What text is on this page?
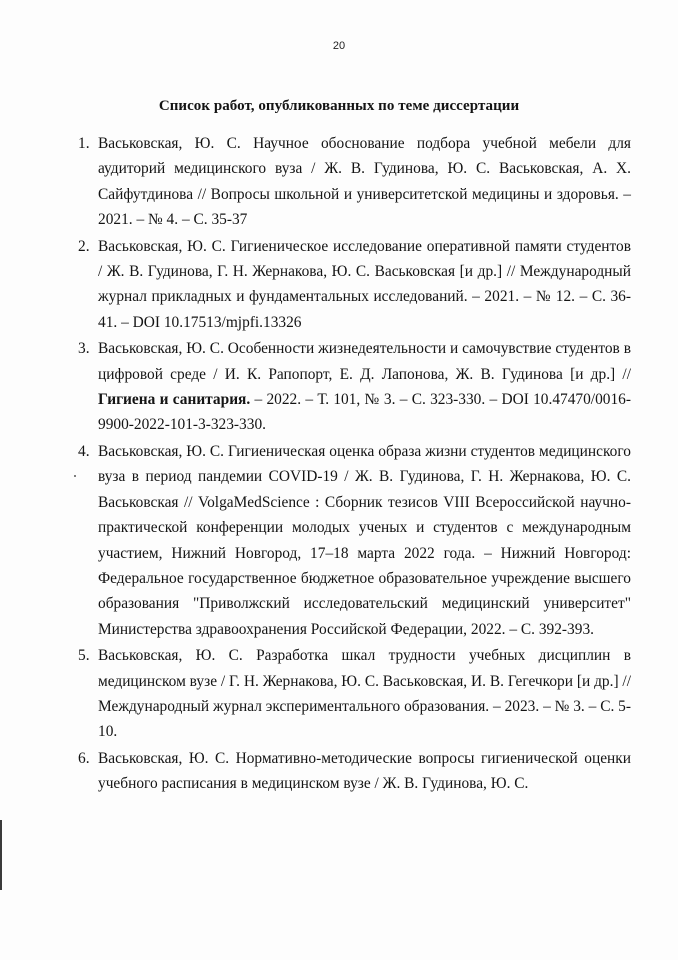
20
Список работ, опубликованных по теме диссертации
1. Васьковская, Ю. С. Научное обоснование подбора учебной мебели для аудиторий медицинского вуза / Ж. В. Гудинова, Ю. С. Васьковская, А. Х. Сайфутдинова // Вопросы школьной и университетской медицины и здоровья. – 2021. – № 4. – С. 35-37
2. Васьковская, Ю. С. Гигиеническое исследование оперативной памяти студентов / Ж. В. Гудинова, Г. Н. Жернакова, Ю. С. Васьковская [и др.] // Международный журнал прикладных и фундаментальных исследований. – 2021. – № 12. – С. 36-41. – DOI 10.17513/mjpfi.13326
3. Васьковская, Ю. С. Особенности жизнедеятельности и самочувствие студентов в цифровой среде / И. К. Рапопорт, Е. Д. Лапонова, Ж. В. Гудинова [и др.] // Гигиена и санитария. – 2022. – Т. 101, № 3. – С. 323-330. – DOI 10.47470/0016-9900-2022-101-3-323-330.
4. Васьковская, Ю. С. Гигиеническая оценка образа жизни студентов медицинского вуза в период пандемии COVID-19 / Ж. В. Гудинова, Г. Н. Жернакова, Ю. С. Васьковская // VolgaMedScience : Сборник тезисов VIII Всероссийской научно- практической конференции молодых ученых и студентов с международным участием, Нижний Новгород, 17–18 марта 2022 года. – Нижний Новгород: Федеральное государственное бюджетное образовательное учреждение высшего образования "Приволжский исследовательский медицинский университет" Министерства здравоохранения Российской Федерации, 2022. – С. 392-393.
5. Васьковская, Ю. С. Разработка шкал трудности учебных дисциплин в медицинском вузе / Г. Н. Жернакова, Ю. С. Васьковская, И. В. Гегечкори [и др.] // Международный журнал экспериментального образования. – 2023. – № 3. – С. 5-10.
6. Васьковская, Ю. С. Нормативно-методические вопросы гигиенической оценки учебного расписания в медицинском вузе / Ж. В. Гудинова, Ю. С.
